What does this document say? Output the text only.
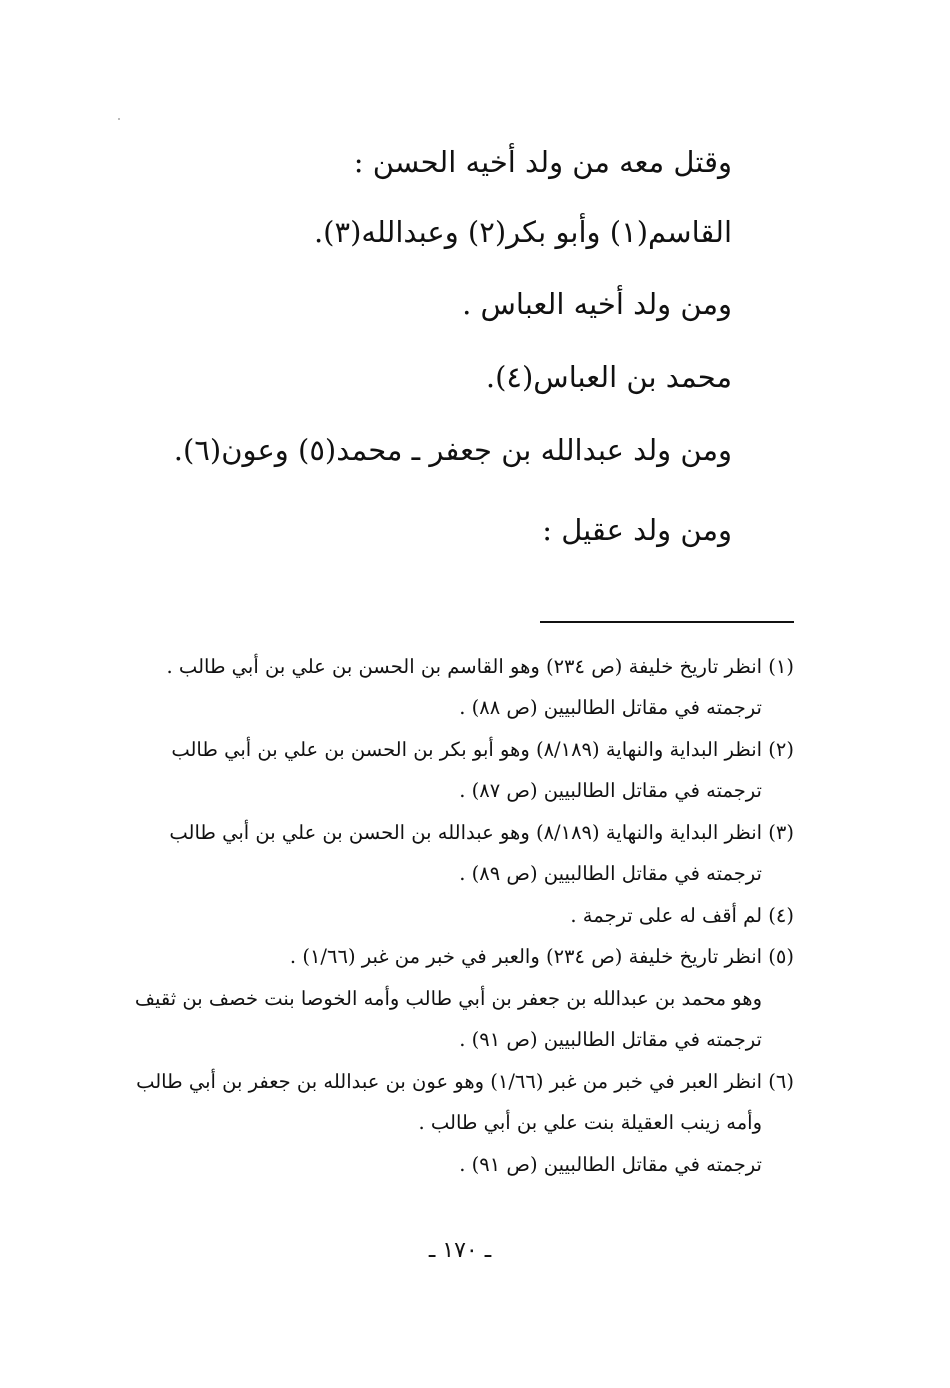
وقتل معه من ولد أخيه الحسن :
القاسم(١) وأبو بكر(٢) وعبدالله(٣).
ومن ولد أخيه العباس .
محمد بن العباس(٤).
ومن ولد عبدالله بن جعفر ـ محمد(٥) وعون(٦).
ومن ولد عقيل :
(١) انظر تاريخ خليفة (ص ٢٣٤) وهو القاسم بن الحسن بن علي بن أبي طالب .
ترجمته في مقاتل الطالبيين (ص ٨٨) .
(٢) انظر البداية والنهاية (٨/١٨٩) وهو أبو بكر بن الحسن بن علي بن أبي طالب
ترجمته في مقاتل الطالبيين (ص ٨٧) .
(٣) انظر البداية والنهاية (٨/١٨٩) وهو عبدالله بن الحسن بن علي بن أبي طالب
ترجمته في مقاتل الطالبيين (ص ٨٩) .
(٤) لم أقف له على ترجمة .
(٥) انظر تاريخ خليفة (ص ٢٣٤) والعبر في خبر من غبر (١/٦٦) .
وهو محمد بن عبدالله بن جعفر بن أبي طالب وأمه الخوصا بنت خصف بن ثقيف
ترجمته في مقاتل الطالبيين (ص ٩١) .
(٦) انظر العبر في خبر من غبر (١/٦٦) وهو عون بن عبدالله بن جعفر بن أبي طالب
وأمه زينب العقيلة بنت علي بن أبي طالب .
ترجمته في مقاتل الطالبيين (ص ٩١) .
ـ ١٧٠ ـ
